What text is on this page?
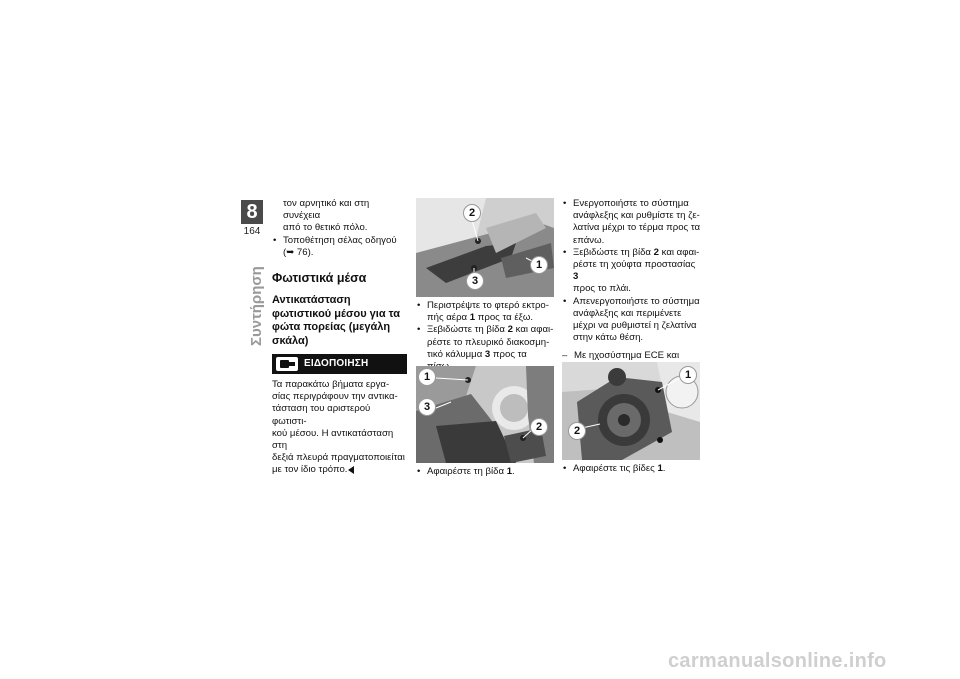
8
164
Συντήρηση
τον αρνητικό και στη συνέχεια
από το θετικό πόλο.
• Τοποθέτηση σέλας οδηγού
(➥ 76).
Φωτιστικά μέσα
Αντικατάσταση
φωτιστικού μέσου για τα
φώτα πορείας (μεγάλη
σκάλα)
ΕΙΔΟΠΟΙΗΣΗ
Τα παρακάτω βήματα εργα-
σίας περιγράφουν την αντικα-
τάσταση του αριστερού φωτιστι-
κού μέσου. Η αντικατάσταση στη
δεξιά πλευρά πραγματοποιείται
με τον ίδιο τρόπο.
2
3
1
• Περιστρέψτε το φτερό εκτρο-
πής αέρα 1 προς τα έξω.
• Ξεβιδώστε τη βίδα 2 και αφαι-
ρέστε το πλευρικό διακοσμη-
τικό κάλυμμα 3 προς τα
1
3
2
• Αφαιρέστε τη βίδα 1.
• Ενεργοποιήστε το σύστημα
ανάφλεξης και ρυθμίστε τη ζε-
λατίνα μέχρι το τέρμα προς τα
επάνω.
• Ξεβιδώστε τη βίδα 2 και αφαι-
ρέστε τη χούφτα προστασίας 3
προς το πλάι.
• Απενεργοποιήστε το σύστημα
ανάφλεξης και περιμένετε
μέχρι να ρυθμιστεί η ζελατίνα
στην κάτω θέση.
– Με ηχοσύστημα ECE και
1
2
• Αφαιρέστε τις βίδες 1.
carmanualsonline.info
